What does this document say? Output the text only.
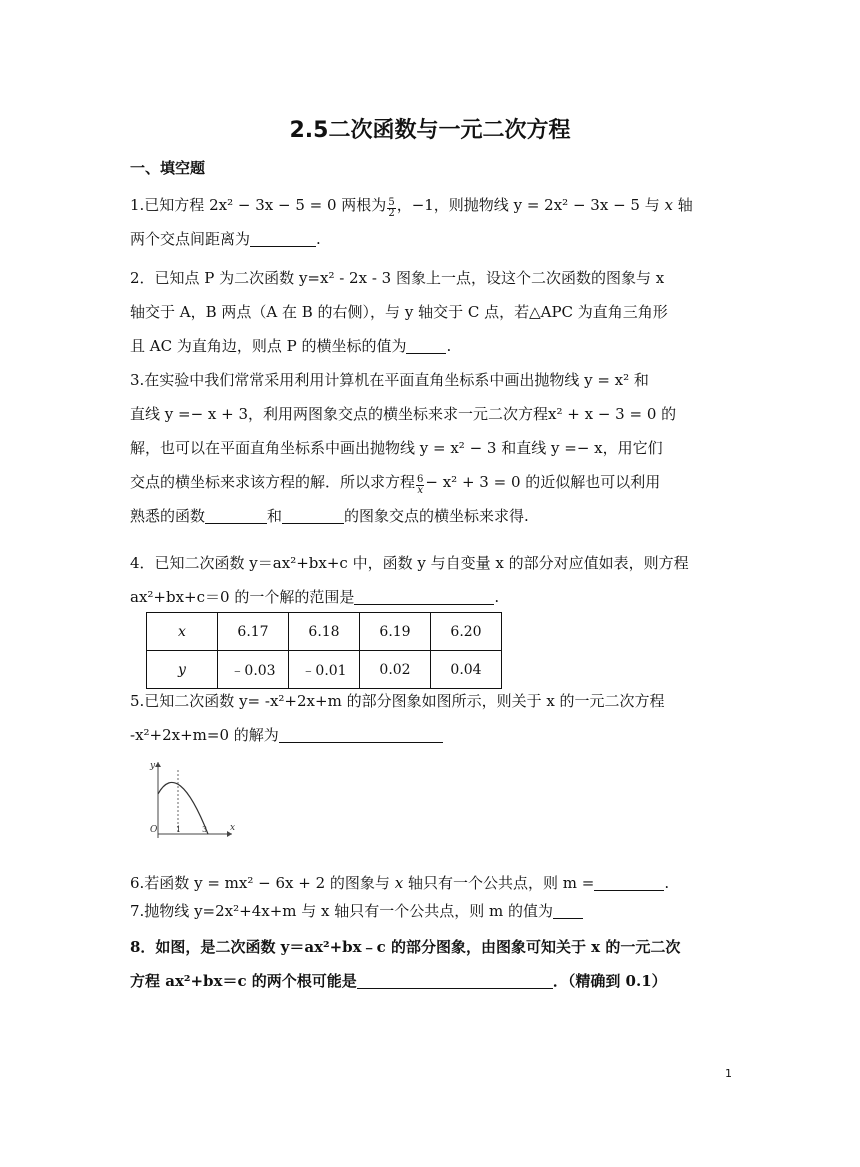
2.5二次函数与一元二次方程
一、填空题

1.已知方程 2x² − 3x − 5 = 0 两根为 $\frac{5}{2}$ ，−1，则抛物线 y = 2x² − 3x − 5 与 x 轴

两个交点间距离为	.

2．已知点 P 为二次函数 y=x² ‑ 2x ‑ 3 图象上一点，设这个二次函数的图象与 x

轴交于 A，B 两点（A 在 B 的右侧），与 y 轴交于 C 点，若△APC 为直角三角形

且 AC 为直角边，则点 P 的横坐标的值为	.

3.在实验中我们常常采用利用计算机在平面直角坐标系中画出抛物线 y = x² 和

直线 y =− x + 3，利用两图象交点的横坐标来求一元二次方程x² + x − 3 = 0 的

解，也可以在平面直角坐标系中画出抛物线 y = x² − 3 和直线 y =− x，用它们

交点的横坐标来求该方程的解．所以求方程 $\frac{6}{x}- x^2 + 3 = 0$ 的近似解也可以利用

熟悉的函数	和	的图象交点的横坐标来求得.

4．已知二次函数 y＝ax²+bx+c 中，函数 y 与自变量 x 的部分对应值如表，则方程

ax²+bx+c＝0 的一个解的范围是	.

x	6.17	6.18	6.19	6.20
y	﹣0.03	﹣0.01	0.02	0.04

5.已知二次函数 y= -x²+2x+m 的部分图象如图所示，则关于 x 的一元二次方程

-x²+2x+m=0 的解为

y
x
O 1	3

6.若函数 y = mx² − 6x + 2 的图象与 x 轴只有一个公共点，则 m =	.

7.抛物线 y=2x²+4x+m 与 x 轴只有一个公共点，则 m 的值为

8．如图，是二次函数 y＝ax²+bx﹣c 的部分图象，由图象可知关于 x 的一元二次

方程 ax²+bx＝c 的两个根可能是	．（精确到 0.1）

1
